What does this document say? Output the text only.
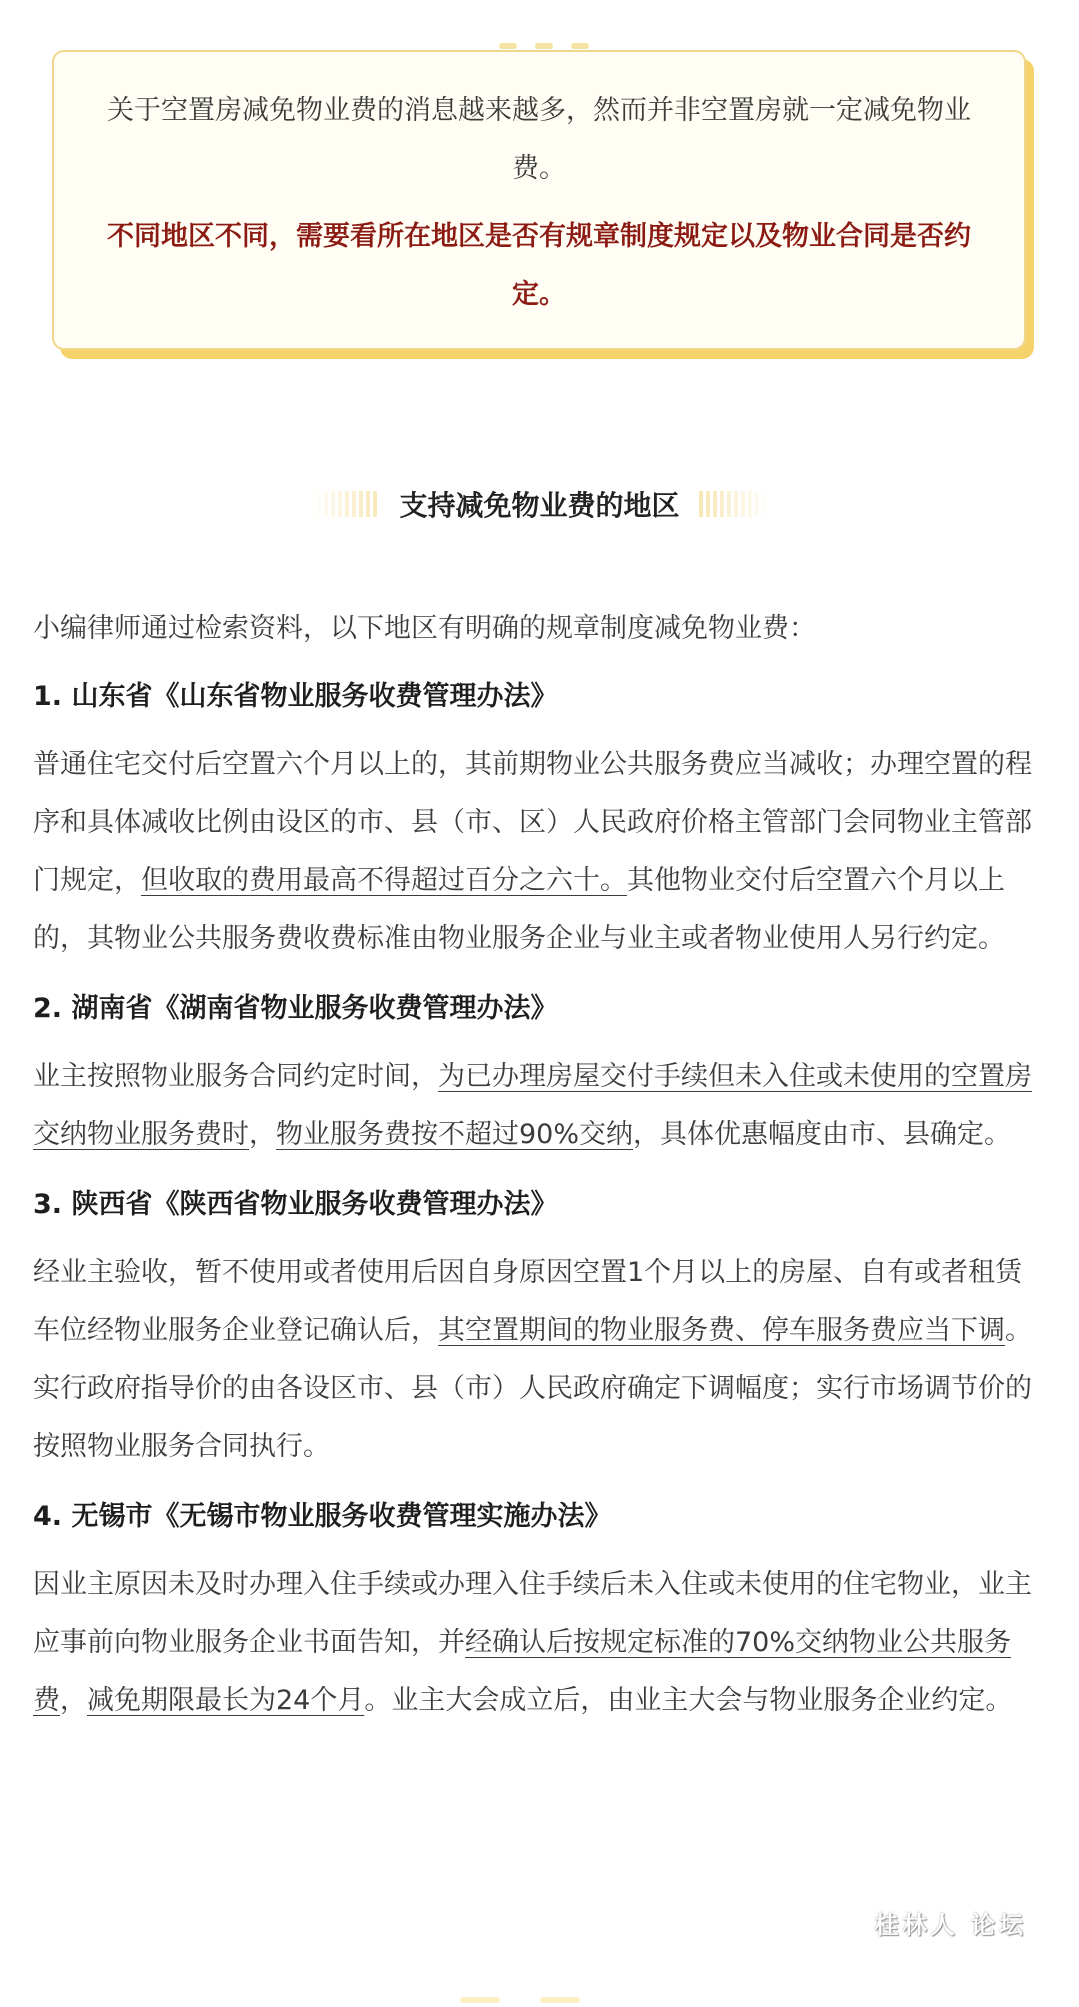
关于空置房减免物业费的消息越来越多，然而并非空置房就一定减免物业费。

不同地区不同，需要看所在地区是否有规章制度规定以及物业合同是否约定。

支持减免物业费的地区

小编律师通过检索资料，以下地区有明确的规章制度减免物业费：

1. 山东省《山东省物业服务收费管理办法》

普通住宅交付后空置六个月以上的，其前期物业公共服务费应当减收；办理空置的程序和具体减收比例由设区的市、县（市、区）人民政府价格主管部门会同物业主管部门规定，但收取的费用最高不得超过百分之六十。其他物业交付后空置六个月以上的，其物业公共服务费收费标准由物业服务企业与业主或者物业使用人另行约定。

2. 湖南省《湖南省物业服务收费管理办法》

业主按照物业服务合同约定时间，为已办理房屋交付手续但未入住或未使用的空置房交纳物业服务费时，物业服务费按不超过90%交纳，具体优惠幅度由市、县确定。

3. 陕西省《陕西省物业服务收费管理办法》

经业主验收，暂不使用或者使用后因自身原因空置1个月以上的房屋、自有或者租赁车位经物业服务企业登记确认后，其空置期间的物业服务费、停车服务费应当下调。实行政府指导价的由各设区市、县（市）人民政府确定下调幅度；实行市场调节价的按照物业服务合同执行。

4. 无锡市《无锡市物业服务收费管理实施办法》

因业主原因未及时办理入住手续或办理入住手续后未入住或未使用的住宅物业，业主应事前向物业服务企业书面告知，并经确认后按规定标准的70%交纳物业公共服务费，减免期限最长为24个月。业主大会成立后，由业主大会与物业服务企业约定。

桂林人 论坛
